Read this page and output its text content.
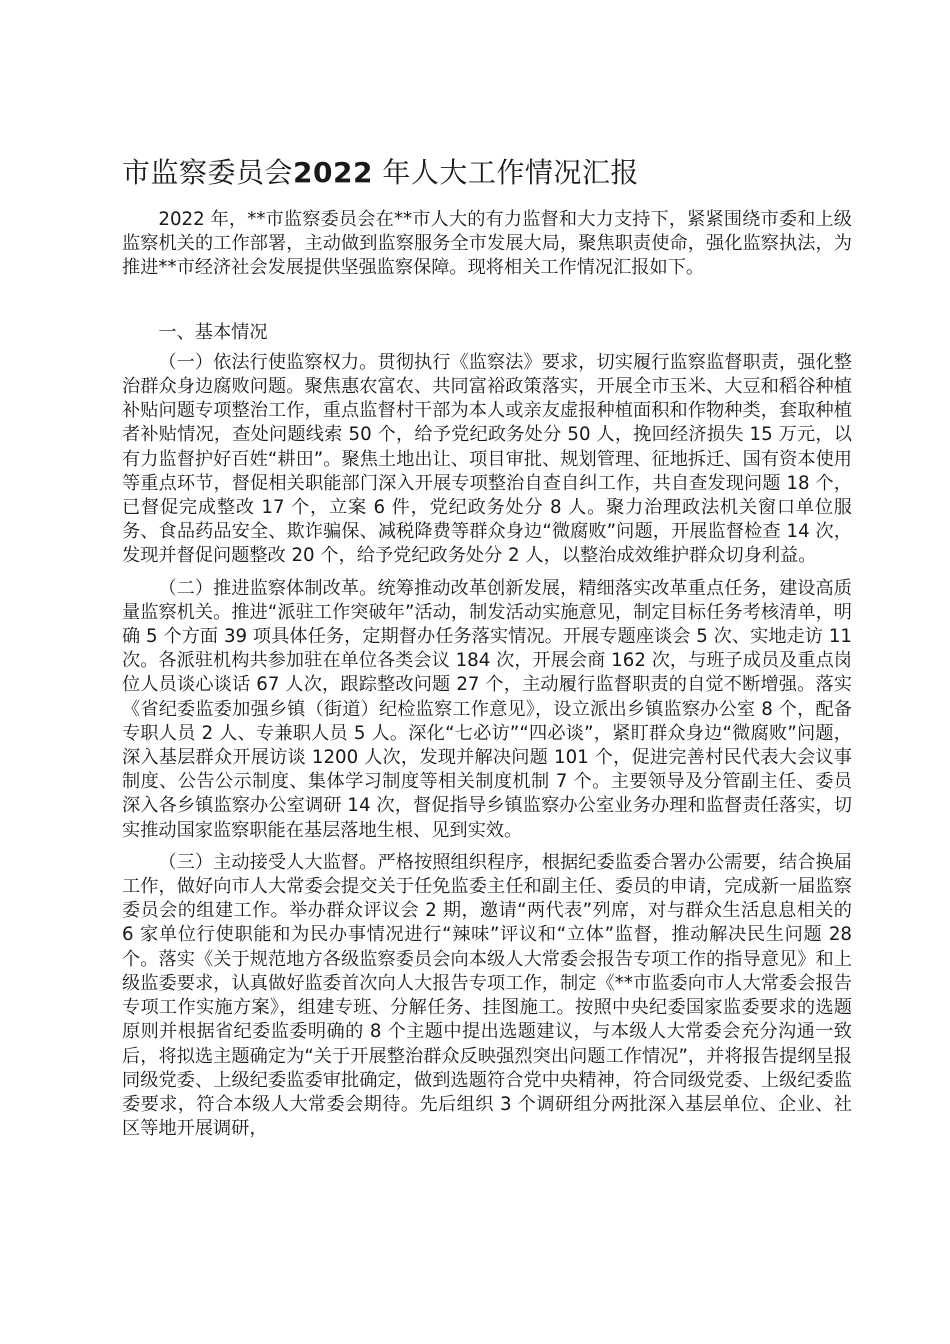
市监察委员会2022 年人大工作情况汇报

2022 年，**市监察委员会在**市人大的有力监督和大力支持下，紧紧围绕市委和上级监察机关的工作部署，主动做到监察服务全市发展大局，聚焦职责使命，强化监察执法，为推进**市经济社会发展提供坚强监察保障。现将相关工作情况汇报如下。

一、基本情况

（一）依法行使监察权力。贯彻执行《监察法》要求，切实履行监察监督职责，强化整治群众身边腐败问题。聚焦惠农富农、共同富裕政策落实，开展全市玉米、大豆和稻谷种植补贴问题专项整治工作，重点监督村干部为本人或亲友虚报种植面积和作物种类，套取种植者补贴情况，查处问题线索 50 个，给予党纪政务处分 50 人，挽回经济损失 15 万元，以有力监督护好百姓“耕田”。聚焦土地出让、项目审批、规划管理、征地拆迁、国有资本使用等重点环节，督促相关职能部门深入开展专项整治自查自纠工作，共自查发现问题 18 个，已督促完成整改 17 个，立案 6 件，党纪政务处分 8 人。聚力治理政法机关窗口单位服务、食品药品安全、欺诈骗保、减税降费等群众身边“微腐败”问题，开展监督检查 14 次，发现并督促问题整改 20 个，给予党纪政务处分 2 人，以整治成效维护群众切身利益。

（二）推进监察体制改革。统筹推动改革创新发展，精细落实改革重点任务，建设高质量监察机关。推进“派驻工作突破年”活动，制发活动实施意见，制定目标任务考核清单，明确 5 个方面 39 项具体任务，定期督办任务落实情况。开展专题座谈会 5 次、实地走访 11 次。各派驻机构共参加驻在单位各类会议 184 次，开展会商 162 次，与班子成员及重点岗位人员谈心谈话 67 人次，跟踪整改问题 27 个，主动履行监督职责的自觉不断增强。落实《省纪委监委加强乡镇（街道）纪检监察工作意见》，设立派出乡镇监察办公室 8 个，配备专职人员 2 人、专兼职人员 5 人。深化“七必访”“四必谈”，紧盯群众身边“微腐败”问题，深入基层群众开展访谈 1200 人次，发现并解决问题 101 个，促进完善村民代表大会议事制度、公告公示制度、集体学习制度等相关制度机制 7 个。主要领导及分管副主任、委员深入各乡镇监察办公室调研 14 次，督促指导乡镇监察办公室业务办理和监督责任落实，切实推动国家监察职能在基层落地生根、见到实效。

（三）主动接受人大监督。严格按照组织程序，根据纪委监委合署办公需要，结合换届工作，做好向市人大常委会提交关于任免监委主任和副主任、委员的申请，完成新一届监察委员会的组建工作。举办群众评议会 2 期，邀请“两代表”列席，对与群众生活息息相关的 6 家单位行使职能和为民办事情况进行“辣味”评议和“立体”监督，推动解决民生问题 28 个。落实《关于规范地方各级监察委员会向本级人大常委会报告专项工作的指导意见》和上级监委要求，认真做好监委首次向人大报告专项工作，制定《**市监委向市人大常委会报告专项工作实施方案》，组建专班、分解任务、挂图施工。按照中央纪委国家监委要求的选题原则并根据省纪委监委明确的 8 个主题中提出选题建议，与本级人大常委会充分沟通一致后，将拟选主题确定为“关于开展整治群众反映强烈突出问题工作情况”，并将报告提纲呈报同级党委、上级纪委监委审批确定，做到选题符合党中央精神，符合同级党委、上级纪委监委要求，符合本级人大常委会期待。先后组织 3 个调研组分两批深入基层单位、企业、社区等地开展调研，
